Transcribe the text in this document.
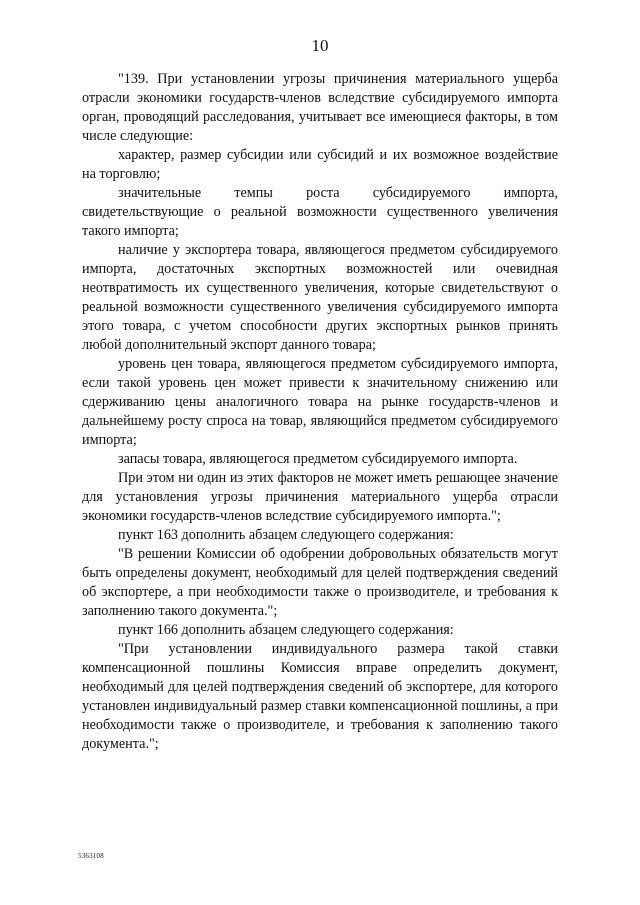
10

"139. При установлении угрозы причинения материального ущерба отрасли экономики государств-членов вследствие субсидируемого импорта орган, проводящий расследования, учитывает все имеющиеся факторы, в том числе следующие:

характер, размер субсидии или субсидий и их возможное воздействие на торговлю;

значительные темпы роста субсидируемого импорта, свидетельствующие о реальной возможности существенного увеличения такого импорта;

наличие у экспортера товара, являющегося предметом субсидируемого импорта, достаточных экспортных возможностей или очевидная неотвратимость их существенного увеличения, которые свидетельствуют о реальной возможности существенного увеличения субсидируемого импорта этого товара, с учетом способности других экспортных рынков принять любой дополнительный экспорт данного товара;

уровень цен товара, являющегося предметом субсидируемого импорта, если такой уровень цен может привести к значительному снижению или сдерживанию цены аналогичного товара на рынке государств-членов и дальнейшему росту спроса на товар, являющийся предметом субсидируемого импорта;

запасы товара, являющегося предметом субсидируемого импорта.

При этом ни один из этих факторов не может иметь решающее значение для установления угрозы причинения материального ущерба отрасли экономики государств-членов вследствие субсидируемого импорта.";

пункт 163 дополнить абзацем следующего содержания:

"В решении Комиссии об одобрении добровольных обязательств могут быть определены документ, необходимый для целей подтверждения сведений об экспортере, а при необходимости также о производителе, и требования к заполнению такого документа.";

пункт 166 дополнить абзацем следующего содержания:

"При установлении индивидуального размера такой ставки компенсационной пошлины Комиссия вправе определить документ, необходимый для целей подтверждения сведений об экспортере, для которого установлен индивидуальный размер ставки компенсационной пошлины, а при необходимости также о производителе, и требования к заполнению такого документа.";

5363108
